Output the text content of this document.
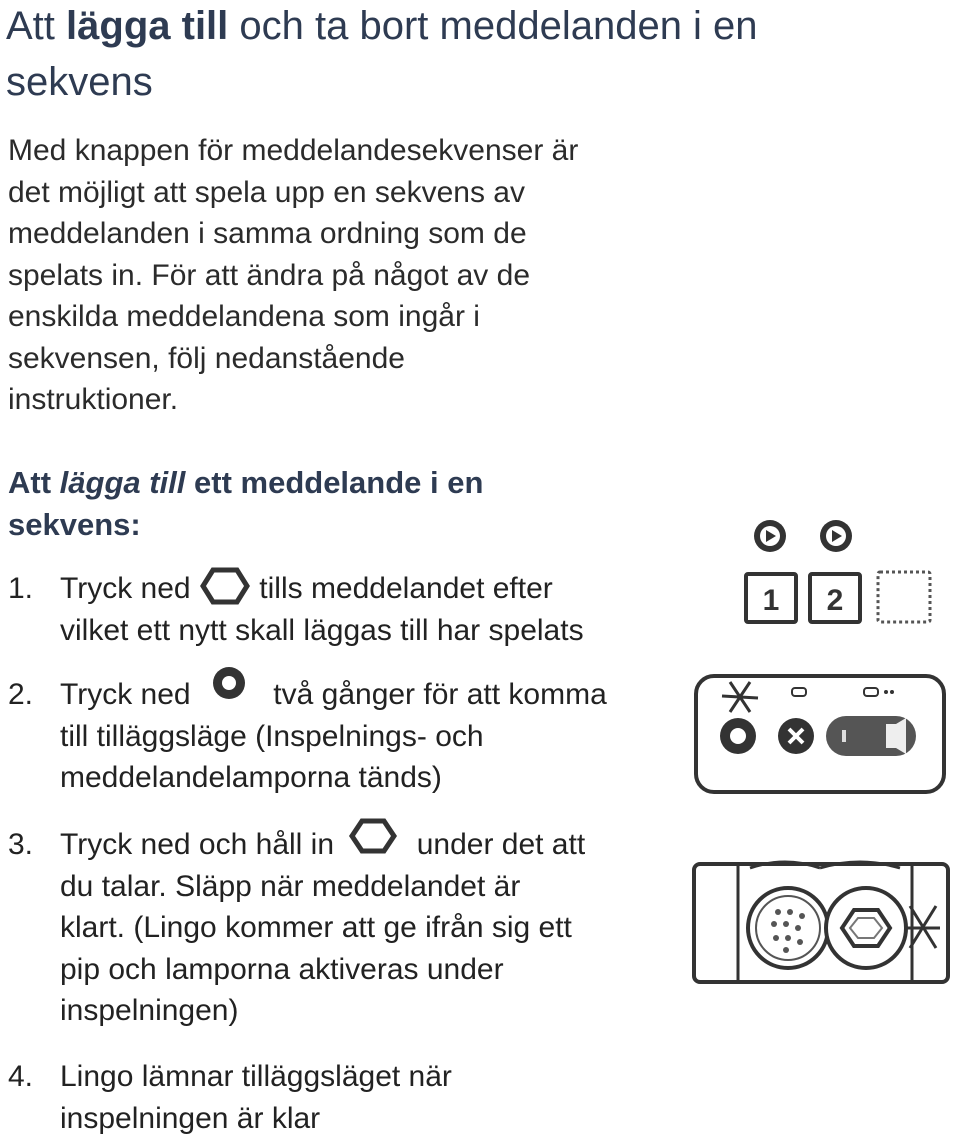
Att lägga till och ta bort meddelanden i en
sekvens
Med knappen för meddelandesekvenser är
det möjligt att spela upp en sekvens av
meddelanden i samma ordning som de
spelats in. För att ändra på något av de
enskilda meddelandena som ingår i
sekvensen, följ nedanstående
instruktioner.
Att lägga till ett meddelande i en
sekvens:
1. Tryck ned tills meddelandet efter
vilket ett nytt skall läggas till har spelats
2. Tryck ned	två gånger för att komma
till tilläggsläge (Inspelnings- och
meddelandelamporna tänds)
3. Tryck ned och håll in	under det att
du talar. Släpp när meddelandet är
klart. (Lingo kommer att ge ifrån sig ett
pip och lamporna aktiveras under
inspelningen)
4. Lingo lämnar tilläggsläget när
inspelningen är klar
1 2
